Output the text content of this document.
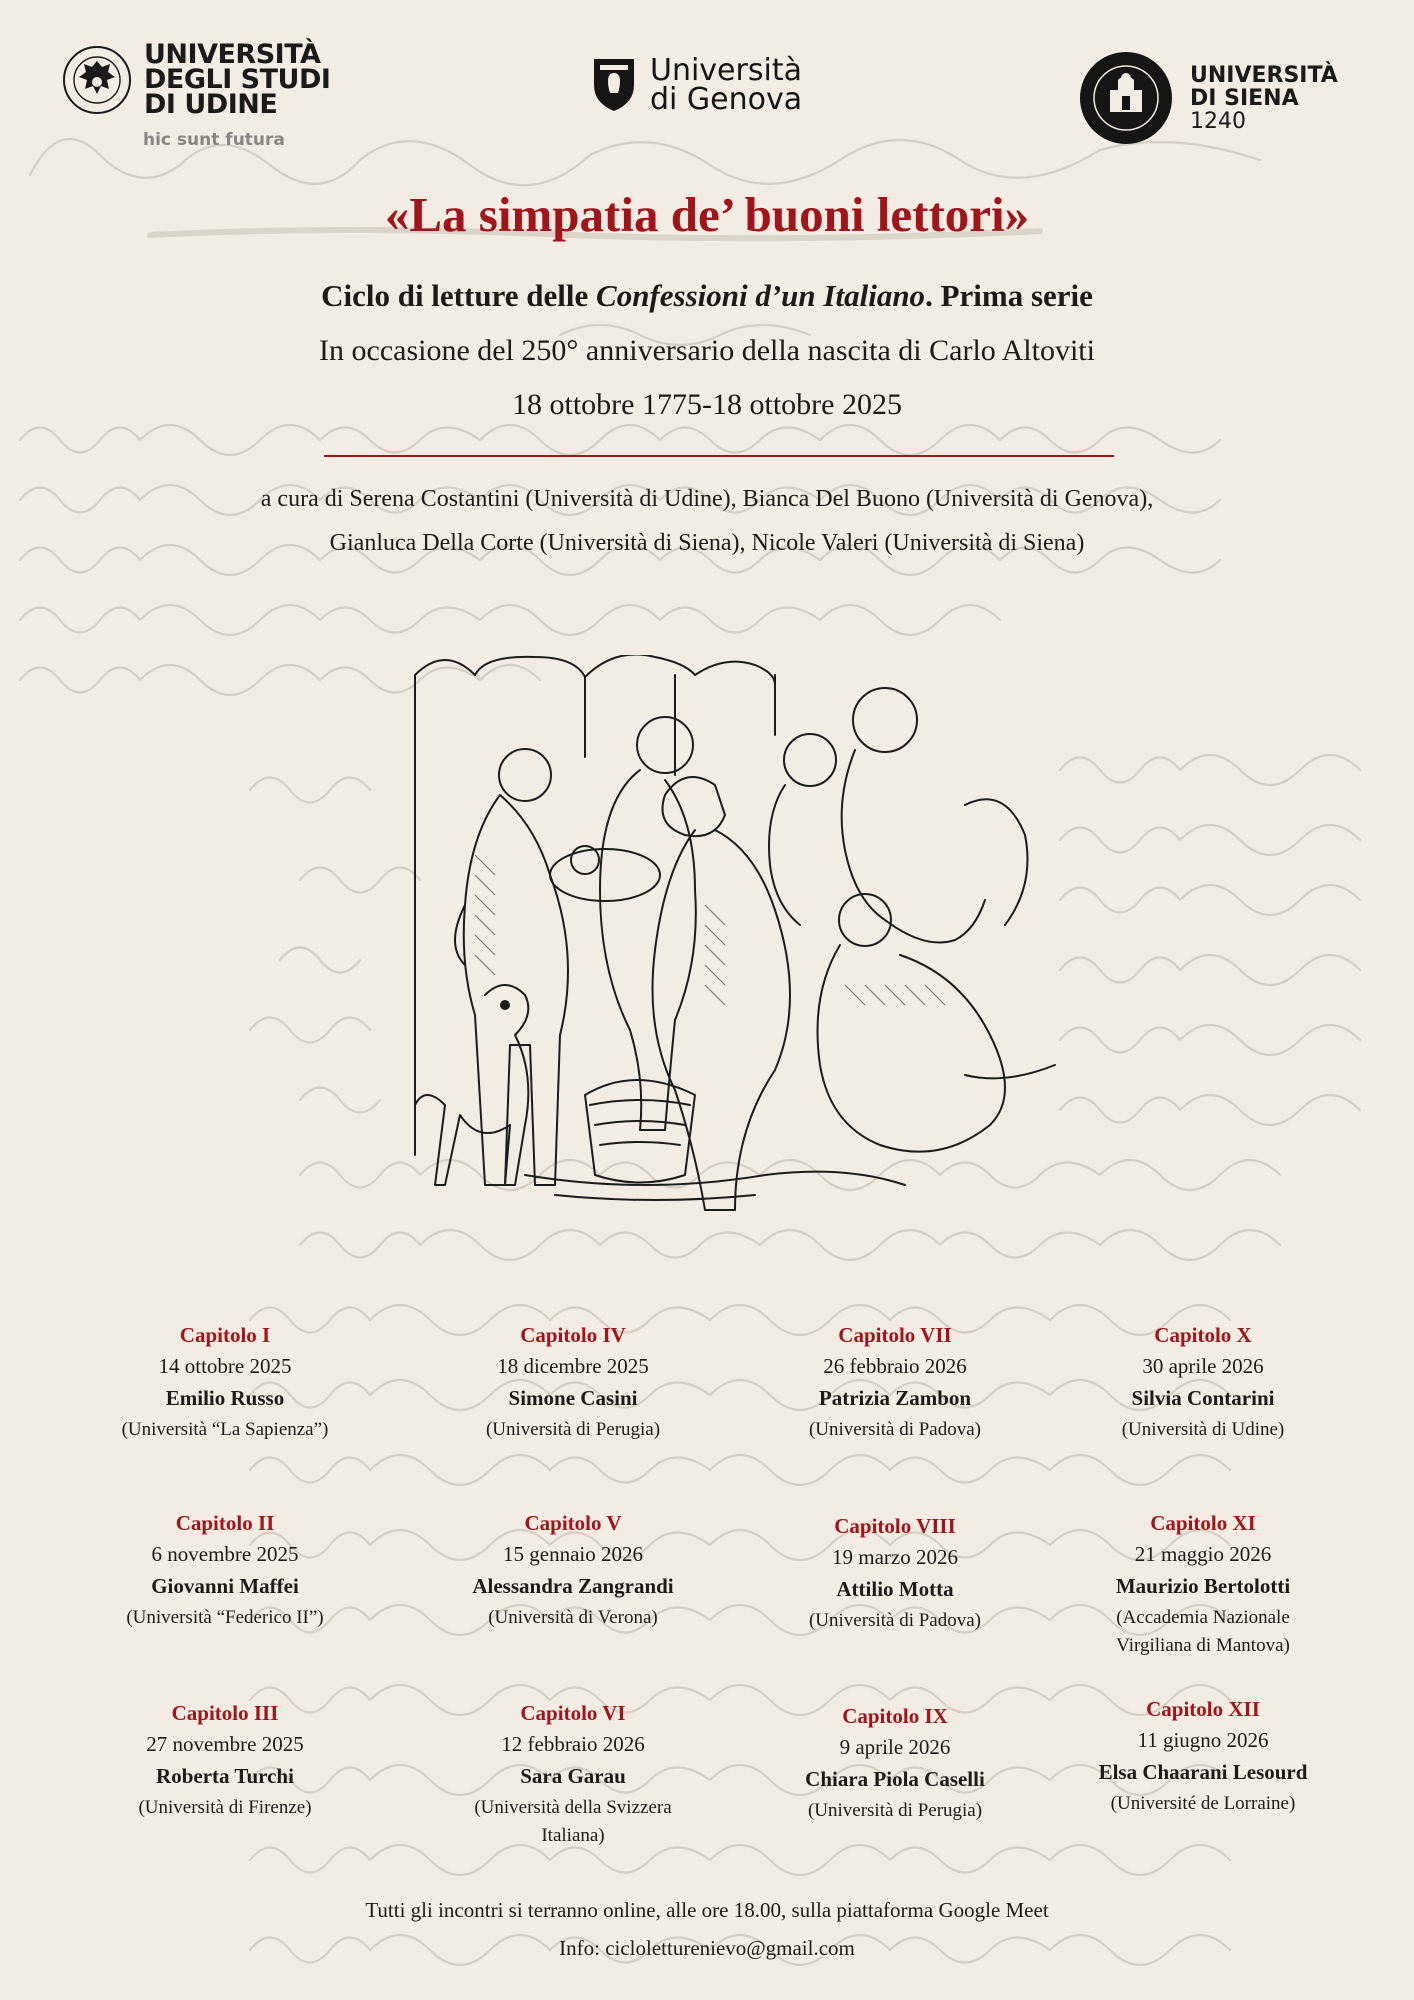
UNIVERSITÀ
DEGLI STUDI
DI UDINE
hic sunt futura
Università
di Genova
UNIVERSITÀ
DI SIENA
1240
«La simpatia de’ buoni lettori»
Ciclo di letture delle Confessioni d’un Italiano. Prima serie
In occasione del 250° anniversario della nascita di Carlo Altoviti
18 ottobre 1775-18 ottobre 2025
a cura di Serena Costantini (Università di Udine), Bianca Del Buono (Università di Genova),
Gianluca Della Corte (Università di Siena), Nicole Valeri (Università di Siena)
Capitolo I
14 ottobre 2025
Emilio Russo
(Università “La Sapienza”)
Capitolo II
6 novembre 2025
Giovanni Maffei
(Università “Federico II”)
Capitolo III
27 novembre 2025
Roberta Turchi
(Università di Firenze)
Capitolo IV
18 dicembre 2025
Simone Casini
(Università di Perugia)
Capitolo V
15 gennaio 2026
Alessandra Zangrandi
(Università di Verona)
Capitolo VI
12 febbraio 2026
Sara Garau
(Università della Svizzera
Italiana)
Capitolo VII
26 febbraio 2026
Patrizia Zambon
(Università di Padova)
Capitolo VIII
19 marzo 2026
Attilio Motta
(Università di Padova)
Capitolo IX
9 aprile 2026
Chiara Piola Caselli
(Università di Perugia)
Capitolo X
30 aprile 2026
Silvia Contarini
(Università di Udine)
Capitolo XI
21 maggio 2026
Maurizio Bertolotti
(Accademia Nazionale
Virgiliana di Mantova)
Capitolo XII
11 giugno 2026
Elsa Chaarani Lesourd
(Université de Lorraine)
Tutti gli incontri si terranno online, alle ore 18.00, sulla piattaforma Google Meet
Info: cicloletturenievo@gmail.com
